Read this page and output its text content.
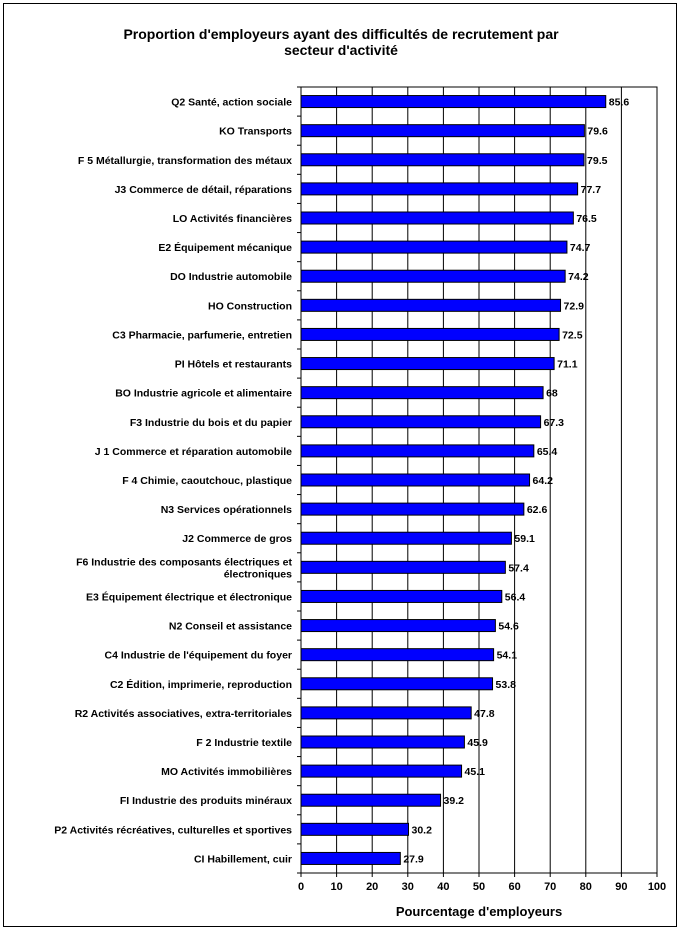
Proportion d'employeurs ayant des difficultés de recrutement par
secteur d'activité
0 10 20 30 40 50 60 70 80 90 100
Q2 Santé, action sociale	85.6
KO Transports	79.6
F 5 Métallurgie, transformation des métaux	79.5
J3 Commerce de détail, réparations	77.7
LO Activités financières	76.5
E2 Équipement mécanique	74.7
DO Industrie automobile	74.2
HO Construction	72.9
C3 Pharmacie, parfumerie, entretien	72.5
PI Hôtels et restaurants	71.1
BO Industrie agricole et alimentaire	68
F3 Industrie du bois et du papier	67.3
J 1 Commerce et réparation automobile	65.4
F 4 Chimie, caoutchouc, plastique	64.2
N3 Services opérationnels	62.6
J2 Commerce de gros	59.1
F6 Industrie des composants électriques et
électroniques	57.4
E3 Équipement électrique et électronique	56.4
N2 Conseil et assistance	54.6
C4 Industrie de l'équipement du foyer	54.1
C2 Édition, imprimerie, reproduction	53.8
R2 Activités associatives, extra-territoriales	47.8
F 2 Industrie textile	45.9
MO Activités immobilières	45.1
FI Industrie des produits minéraux	39.2
P2 Activités récréatives, culturelles et sportives	30.2
CI Habillement, cuir	27.9
Pourcentage d'employeurs
